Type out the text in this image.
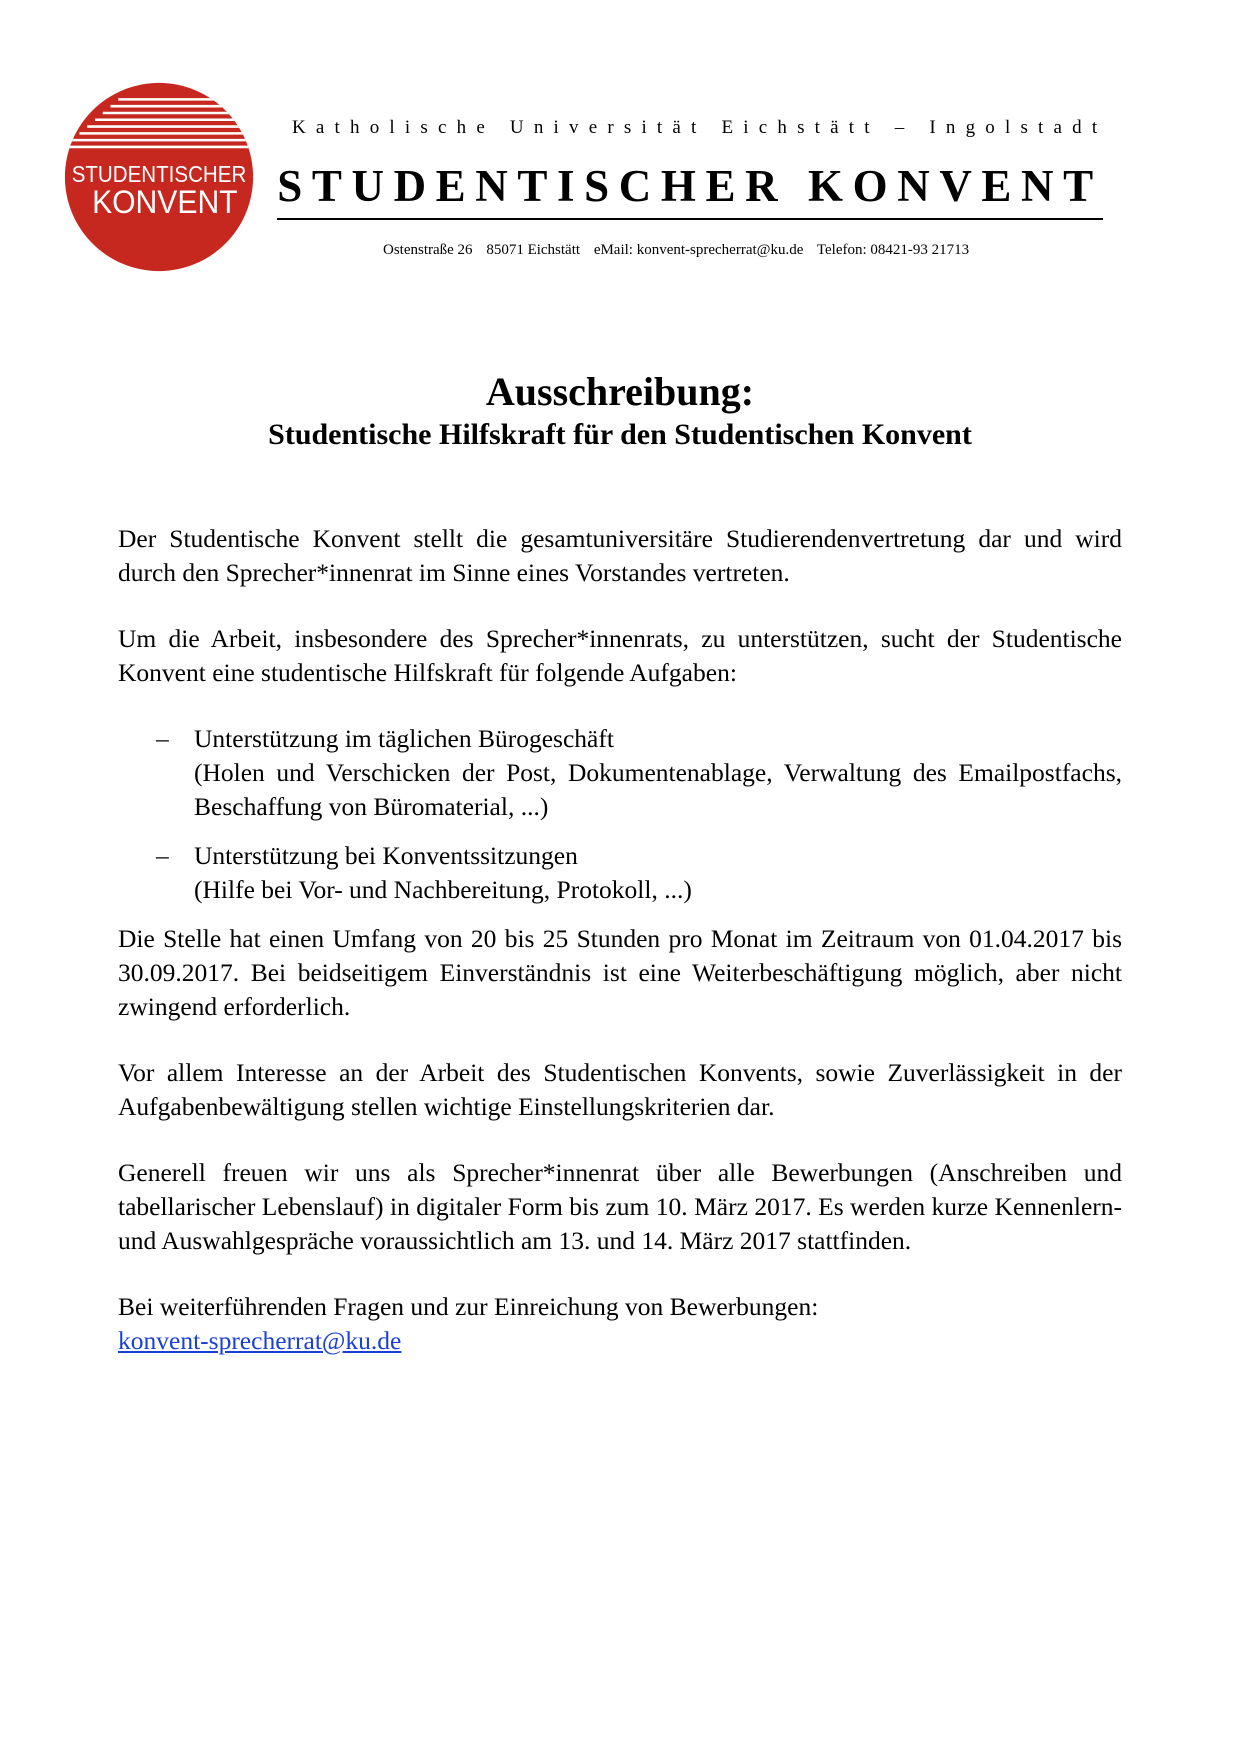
STUDENTISCHER
KONVENT

Katholische Universität Eichstätt – Ingolstadt

STUDENTISCHER KONVENT

Ostenstraße 26 85071 Eichstätt eMail: konvent-sprecherrat@ku.de Telefon: 08421-93 21713

Ausschreibung:
Studentische Hilfskraft für den Studentischen Konvent

Der Studentische Konvent stellt die gesamtuniversitäre Studierendenvertretung dar und wird durch den Sprecher*innenrat im Sinne eines Vorstandes vertreten.

Um die Arbeit, insbesondere des Sprecher*innenrats, zu unterstützen, sucht der Studentische Konvent eine studentische Hilfskraft für folgende Aufgaben:

– Unterstützung im täglichen Bürogeschäft
(Holen und Verschicken der Post, Dokumentenablage, Verwaltung des Emailpostfachs, Beschaffung von Büromaterial, ...)
– Unterstützung bei Konventssitzungen
(Hilfe bei Vor- und Nachbereitung, Protokoll, ...)

Die Stelle hat einen Umfang von 20 bis 25 Stunden pro Monat im Zeitraum von 01.04.2017 bis 30.09.2017. Bei beidseitigem Einverständnis ist eine Weiterbeschäftigung möglich, aber nicht zwingend erforderlich.

Vor allem Interesse an der Arbeit des Studentischen Konvents, sowie Zuverlässigkeit in der Aufgabenbewältigung stellen wichtige Einstellungskriterien dar.

Generell freuen wir uns als Sprecher*innenrat über alle Bewerbungen (Anschreiben und tabellarischer Lebenslauf) in digitaler Form bis zum 10. März 2017. Es werden kurze Kennenlern- und Auswahlgespräche voraussichtlich am 13. und 14. März 2017 stattfinden.

Bei weiterführenden Fragen und zur Einreichung von Bewerbungen:
konvent-sprecherrat@ku.de
